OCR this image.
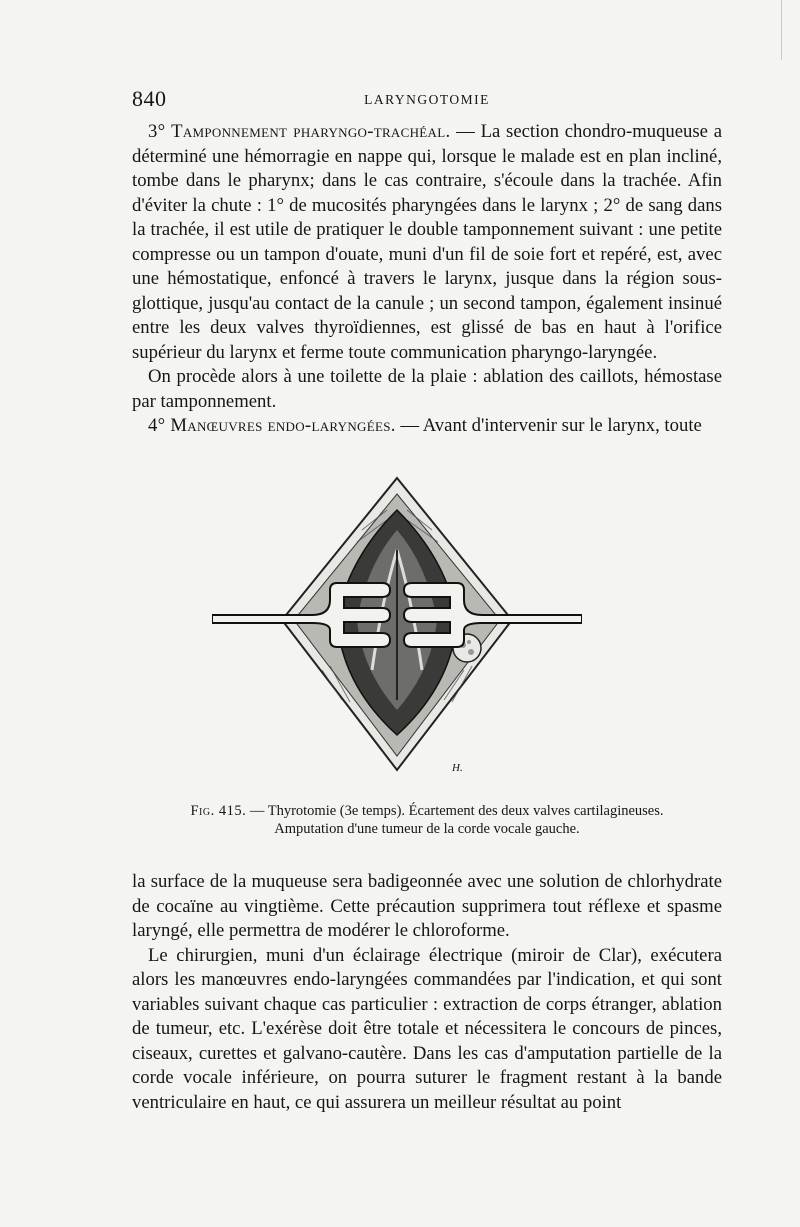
840	LARYNGOTOMIE

3° Tamponnement pharyngo-trachéal. — La section chondro-muqueuse a déterminé une hémorragie en nappe qui, lorsque le malade est en plan incliné, tombe dans le pharynx; dans le cas contraire, s'écoule dans la trachée. Afin d'éviter la chute : 1° de mucosités pharyngées dans le larynx ; 2° de sang dans la trachée, il est utile de pratiquer le double tamponnement suivant : une petite compresse ou un tampon d'ouate, muni d'un fil de soie fort et repéré, est, avec une hémostatique, enfoncé à travers le larynx, jusque dans la région sous-glottique, jusqu'au contact de la canule ; un second tampon, également insinué entre les deux valves thyroïdiennes, est glissé de bas en haut à l'orifice supérieur du larynx et ferme toute communication pharyngo-laryngée.

On procède alors à une toilette de la plaie : ablation des caillots, hémostase par tamponnement.

4° Manœuvres endo-laryngées. — Avant d'intervenir sur le larynx, toute

H.
Fig. 415. — Thyrotomie (3e temps). Écartement des deux valves cartilagineuses.
Amputation d'une tumeur de la corde vocale gauche.

la surface de la muqueuse sera badigeonnée avec une solution de chlorhydrate de cocaïne au vingtième. Cette précaution supprimera tout réflexe et spasme laryngé, elle permettra de modérer le chloroforme.

Le chirurgien, muni d'un éclairage électrique (miroir de Clar), exécutera alors les manœuvres endo-laryngées commandées par l'indication, et qui sont variables suivant chaque cas particulier : extraction de corps étranger, ablation de tumeur, etc. L'exérèse doit être totale et nécessitera le concours de pinces, ciseaux, curettes et galvano-cautère. Dans les cas d'amputation partielle de la corde vocale inférieure, on pourra suturer le fragment restant à la bande ventriculaire en haut, ce qui assurera un meilleur résultat au point
